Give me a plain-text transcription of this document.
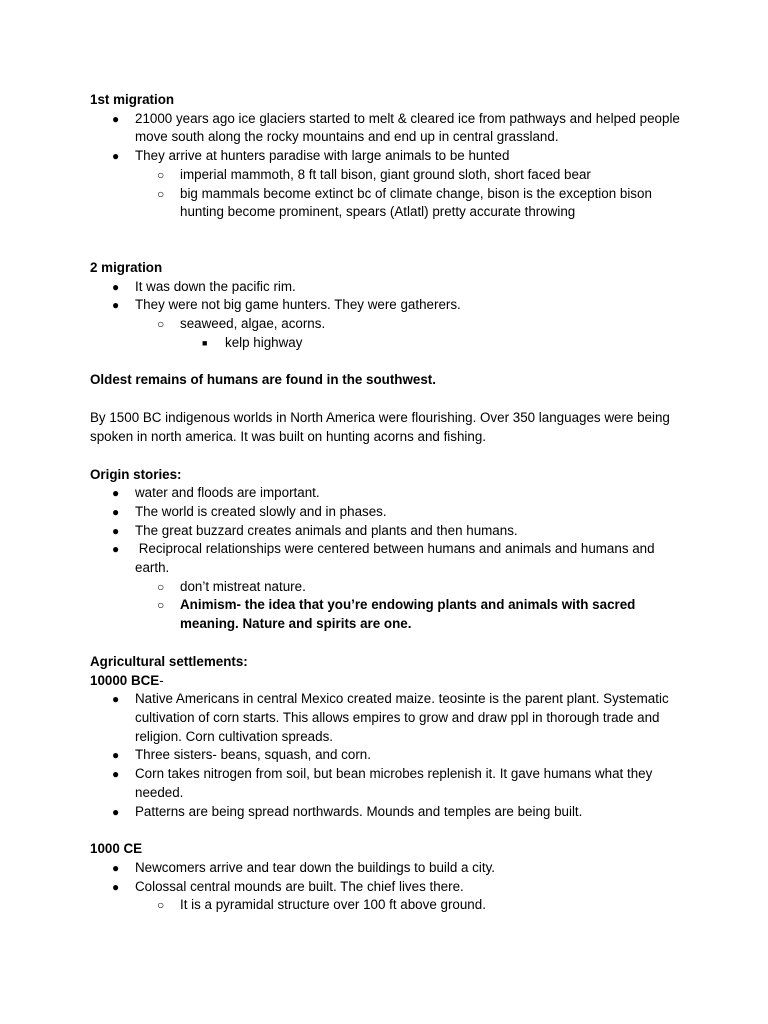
1st migration

● 21000 years ago ice glaciers started to melt & cleared ice from pathways and helped people move south along the rocky mountains and end up in central grassland.
● They arrive at hunters paradise with large animals to be hunted
○ imperial mammoth, 8 ft tall bison, giant ground sloth, short faced bear
○ big mammals become extinct bc of climate change, bison is the exception bison hunting become prominent, spears (Atlatl) pretty accurate throwing

2 migration

● It was down the pacific rim.
● They were not big game hunters. They were gatherers.
○ seaweed, algae, acorns.
■ kelp highway

Oldest remains of humans are found in the southwest.

By 1500 BC indigenous worlds in North America were flourishing. Over 350 languages were being spoken in north america. It was built on hunting acorns and fishing.

Origin stories:

● water and floods are important.
● The world is created slowly and in phases.
● The great buzzard creates animals and plants and then humans.
● Reciprocal relationships were centered between humans and animals and humans and earth.
○ don’t mistreat nature.
○ Animism- the idea that you’re endowing plants and animals with sacred meaning. Nature and spirits are one.

Agricultural settlements:

10000 BCE-

● Native Americans in central Mexico created maize. teosinte is the parent plant. Systematic cultivation of corn starts. This allows empires to grow and draw ppl in thorough trade and religion. Corn cultivation spreads.
● Three sisters- beans, squash, and corn.
● Corn takes nitrogen from soil, but bean microbes replenish it. It gave humans what they needed.
● Patterns are being spread northwards. Mounds and temples are being built.

1000 CE

● Newcomers arrive and tear down the buildings to build a city.
● Colossal central mounds are built. The chief lives there.
○ It is a pyramidal structure over 100 ft above ground.
